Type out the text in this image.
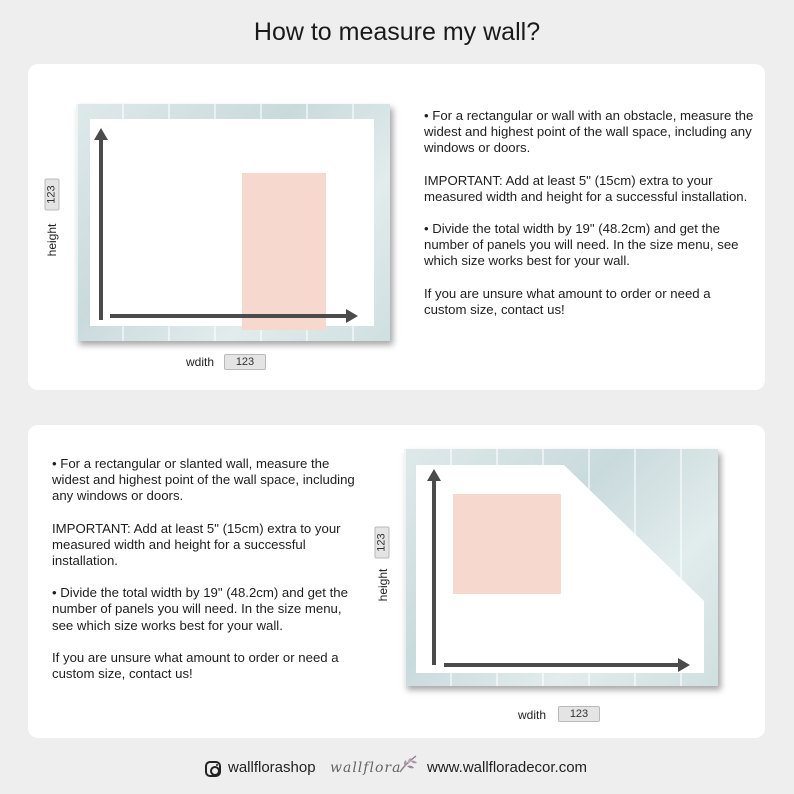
How to measure my wall?
height
123
wdith	123

• For a rectangular or wall with an obstacle, measure the widest and highest point of the wall space, including any windows or doors.

IMPORTANT: Add at least 5" (15cm) extra to your measured width and height for a successful installation.

• Divide the total width by 19" (48.2cm) and get the number of panels you will need. In the size menu, see which size works best for your wall.

If you are unsure what amount to order or need a custom size, contact us!

• For a rectangular or slanted wall, measure the widest and highest point of the wall space, including any windows or doors.

IMPORTANT: Add at least 5" (15cm) extra to your measured width and height for a successful installation.

• Divide the total width by 19" (48.2cm) and get the number of panels you will need. In the size menu, see which size works best for your wall.

If you are unsure what amount to order or need a custom size, contact us!

height
123
wdith	123
wallflorashop wallflora www.wallfloradecor.com
